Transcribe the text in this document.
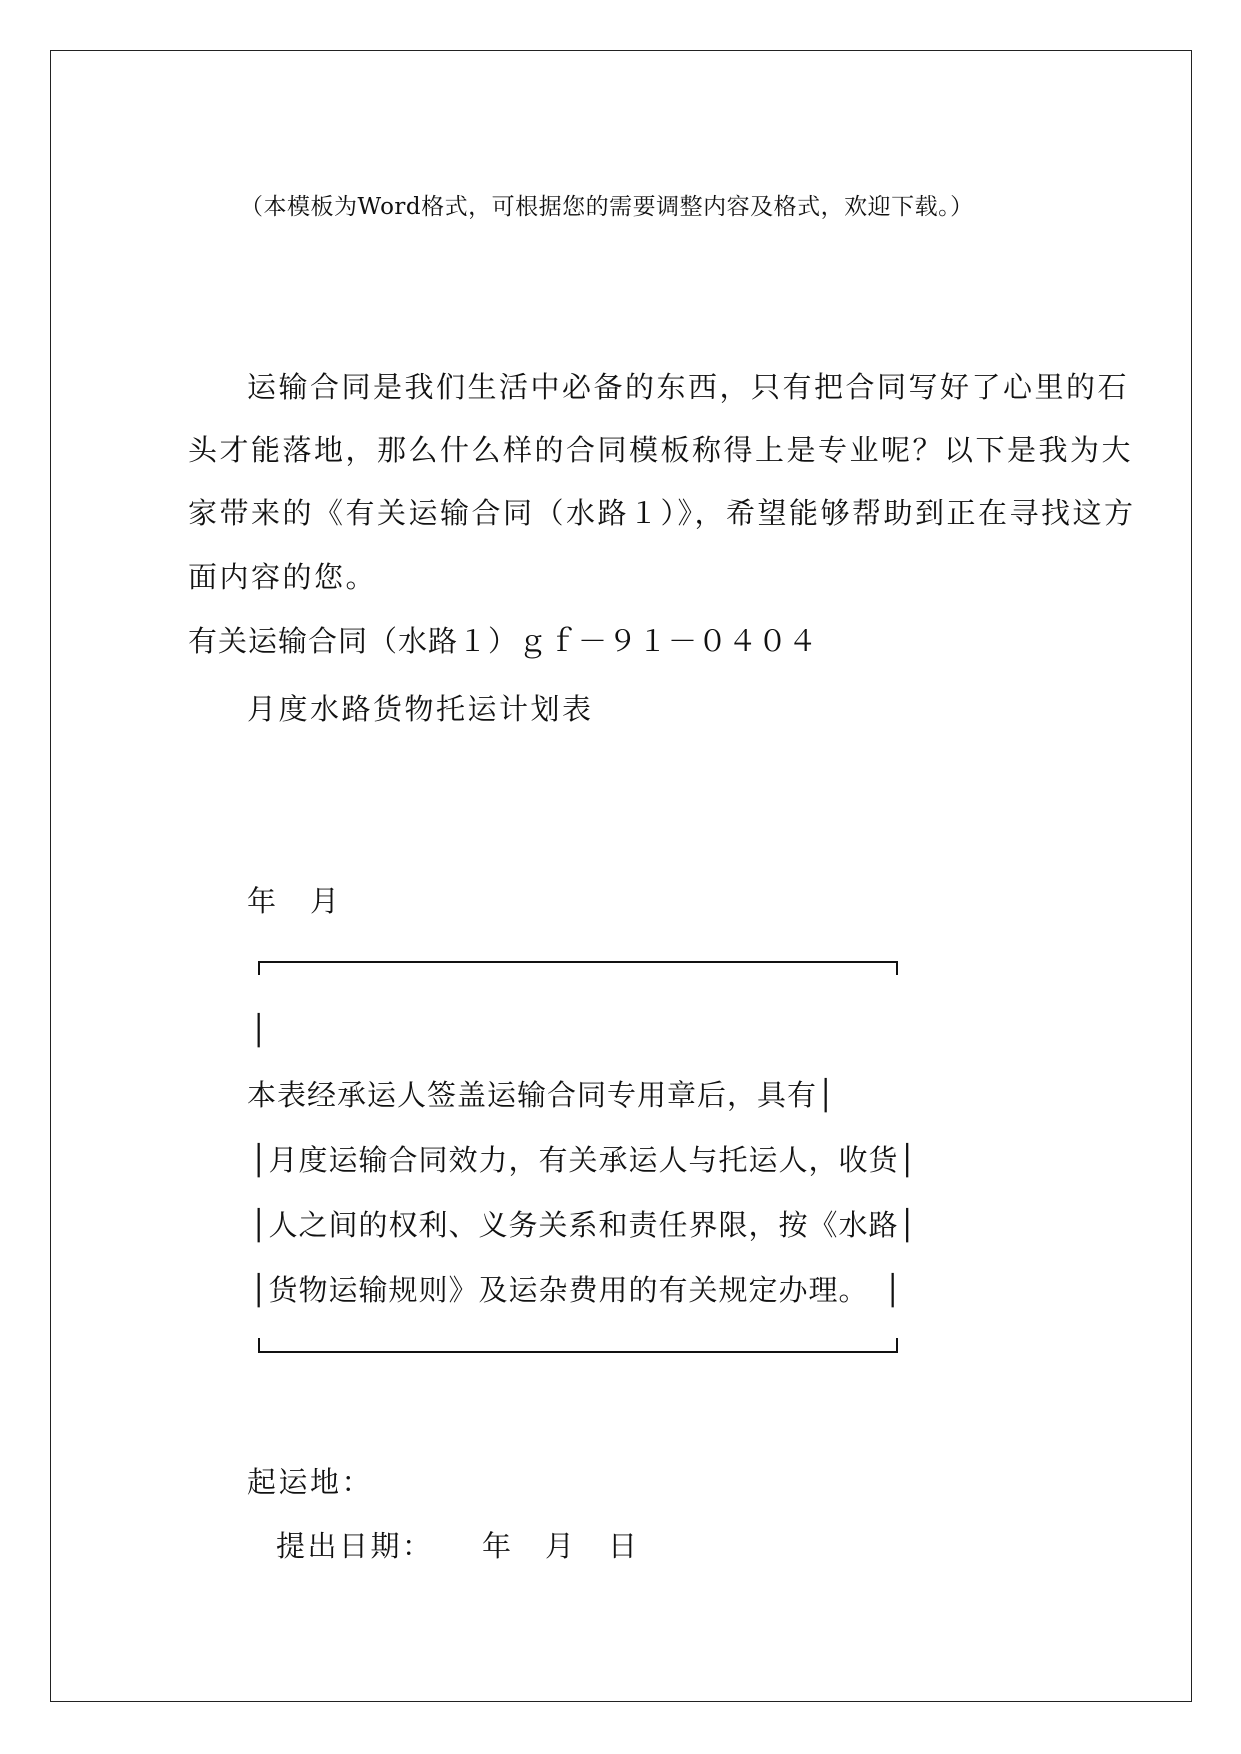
（本模板为Word格式，可根据您的需要调整内容及格式，欢迎下载。）
运输合同是我们生活中必备的东西，只有把合同写好了心里的石
头才能落地，那么什么样的合同模板称得上是专业呢？以下是我为大
家带来的《有关运输合同（水路１）》，希望能够帮助到正在寻找这方
面内容的您。
有关运输合同（水路１）ｇｆ－９１－０４０４
月度水路货物托运计划表
年　月
│
本表经承运人签盖运输合同专用章后，具有│
│月度运输合同效力，有关承运人与托运人，收货│
│人之间的权利、义务关系和责任界限，按《水路│
│货物运输规则》及运杂费用的有关规定办理。　│
起运地：
提出日期：　　年　月　日
